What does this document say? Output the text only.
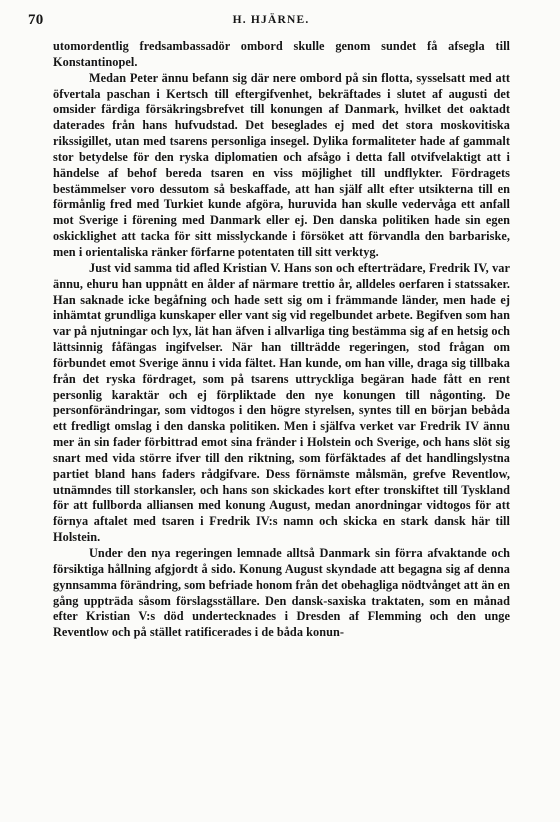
70	H. HJÄRNE.

utomordentlig fredsambassadör ombord skulle genom sundet få afsegla till Konstantinopel.

Medan Peter ännu befann sig där nere ombord på sin flotta, sysselsatt med att öfvertala paschan i Kertsch till eftergifvenhet, bekräftades i slutet af augusti det omsider färdiga försäkringsbrefvet till konungen af Danmark, hvilket det oaktadt daterades från hans hufvudstad. Det beseglades ej med det stora moskovitiska rikssigillet, utan med tsarens personliga insegel. Dylika formaliteter hade af gammalt stor betydelse för den ryska diplomatien och afsågo i detta fall otvifvelaktigt att i händelse af behof bereda tsaren en viss möjlighet till undflykter. Fördragets bestämmelser voro dessutom så beskaffade, att han själf allt efter utsikterna till en förmånlig fred med Turkiet kunde afgöra, huruvida han skulle vedervåga ett anfall mot Sverige i förening med Danmark eller ej. Den danska politiken hade sin egen oskicklighet att tacka för sitt misslyckande i försöket att förvandla den barbariske, men i orientaliska ränker förfarne potentaten till sitt verktyg.

Just vid samma tid afled Kristian V. Hans son och efterträdare, Fredrik IV, var ännu, ehuru han uppnått en ålder af närmare trettio år, alldeles oerfaren i statssaker. Han saknade icke begåfning och hade sett sig om i främmande länder, men hade ej inhämtat grundliga kunskaper eller vant sig vid regelbundet arbete. Begifven som han var på njutningar och lyx, lät han äfven i allvarliga ting bestämma sig af en hetsig och lättsinnig fåfängas ingifvelser. När han tillträdde regeringen, stod frågan om förbundet emot Sverige ännu i vida fältet. Han kunde, om han ville, draga sig tillbaka från det ryska fördraget, som på tsarens uttryckliga begäran hade fått en rent personlig karaktär och ej förpliktade den nye konungen till någonting. De personförändringar, som vidtogos i den högre styrelsen, syntes till en början bebåda ett fredligt omslag i den danska politiken. Men i själfva verket var Fredrik IV ännu mer än sin fader förbittrad emot sina fränder i Holstein och Sverige, och hans slöt sig snart med vida större ifver till den riktning, som förfäktades af det handlingslystna partiet bland hans faders rådgifvare. Dess förnämste målsmän, grefve Reventlow, utnämndes till storkansler, och hans son skickades kort efter tronskiftet till Tyskland för att fullborda alliansen med konung August, medan anordningar vidtogos för att förnya aftalet med tsaren i Fredrik IV:s namn och skicka en stark dansk här till Holstein.

Under den nya regeringen lemnade alltså Danmark sin förra afvaktande och försiktiga hållning afgjordt å sido. Konung August skyndade att begagna sig af denna gynnsamma förändring, som befriade honom från det obehagliga nödtvånget att än en gång uppträda såsom förslagsställare. Den dansk-saxiska traktaten, som en månad efter Kristian V:s död undertecknades i Dresden af Flemming och den unge Reventlow och på stället ratificerades i de båda konun-
